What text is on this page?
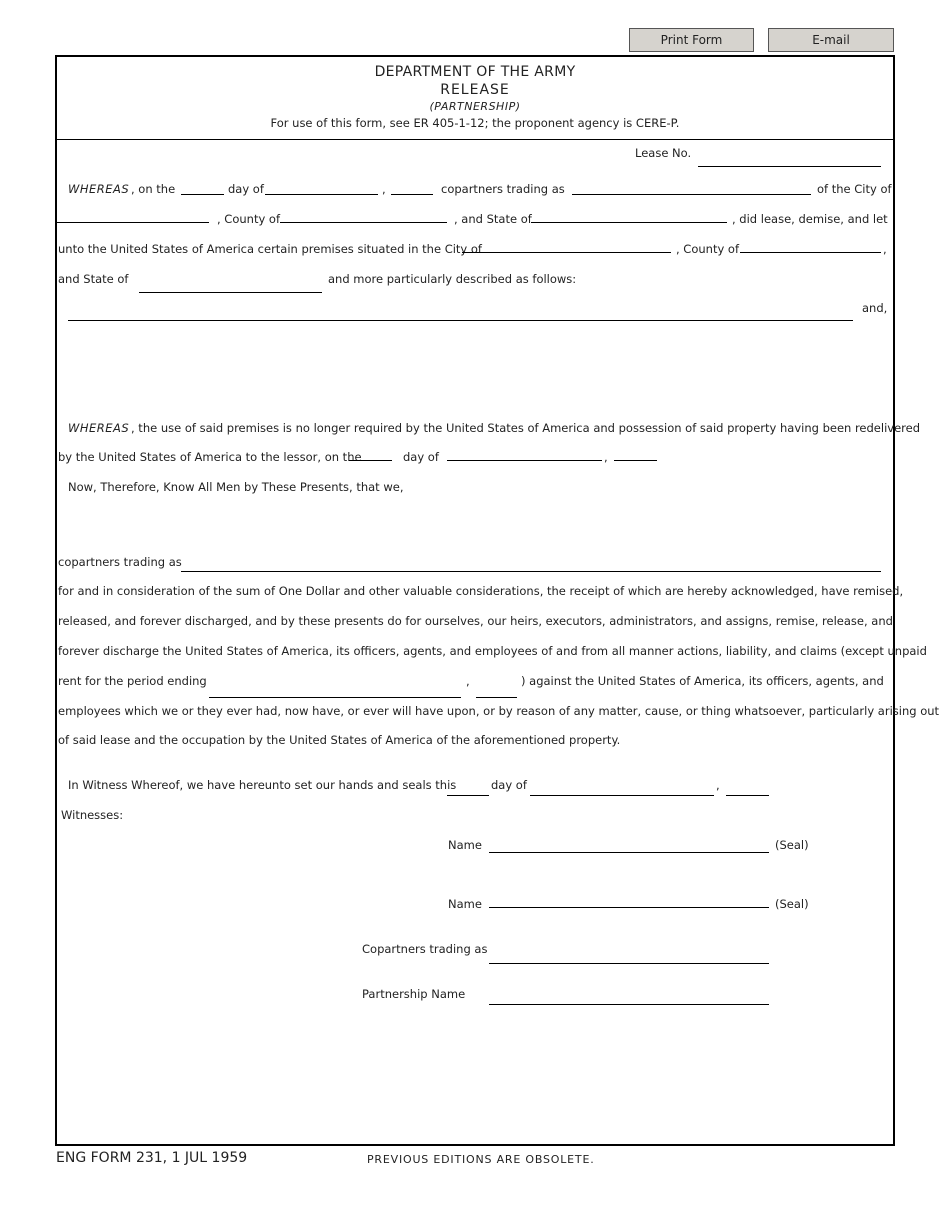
Print Form	E-mail
DEPARTMENT OF THE ARMY
RELEASE
(PARTNERSHIP)
For use of this form, see ER 405-1-12; the proponent agency is CERE-P.
Lease No.
WHEREAS , on the	day of	,	copartners trading as	of the City of
, County of	, and State of	, did lease, demise, and let
unto the United States of America certain premises situated in the City of	, County of	,
and State of	and more particularly described as follows:
and,
WHEREAS , the use of said premises is no longer required by the United States of America and possession of said property having been redelivered
by the United States of America to the lessor, on the	day of	,
Now, Therefore, Know All Men by These Presents, that we,
copartners trading as
for and in consideration of the sum of One Dollar and other valuable considerations, the receipt of which are hereby acknowledged, have remised,
released, and forever discharged, and by these presents do for ourselves, our heirs, executors, administrators, and assigns, remise, release, and
forever discharge the United States of America, its officers, agents, and employees of and from all manner actions, liability, and claims (except unpaid
rent for the period ending	,	) against the United States of America, its officers, agents, and
employees which we or they ever had, now have, or ever will have upon, or by reason of any matter, cause, or thing whatsoever, particularly arising out
of said lease and the occupation by the United States of America of the aforementioned property.
In Witness Whereof, we have hereunto set our hands and seals this	day of	,
Witnesses:
Name	(Seal)
Name	(Seal)
Copartners trading as
Partnership Name
ENG FORM 231, 1 JUL 1959	PREVIOUS EDITIONS ARE OBSOLETE.
